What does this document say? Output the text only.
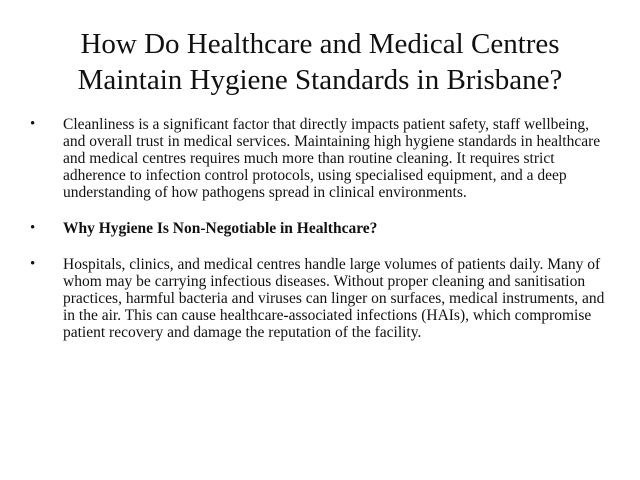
How Do Healthcare and Medical Centres
Maintain Hygiene Standards in Brisbane?
• Cleanliness is a significant factor that directly impacts patient safety, staff wellbeing, and overall trust in medical services. Maintaining high hygiene standards in healthcare and medical centres requires much more than routine cleaning. It requires strict adherence to infection control protocols, using specialised equipment, and a deep understanding of how pathogens spread in clinical environments.
• Why Hygiene Is Non-Negotiable in Healthcare?
• Hospitals, clinics, and medical centres handle large volumes of patients daily. Many of whom may be carrying infectious diseases. Without proper cleaning and sanitisation practices, harmful bacteria and viruses can linger on surfaces, medical instruments, and in the air. This can cause healthcare-associated infections (HAIs), which compromise patient recovery and damage the reputation of the facility.
